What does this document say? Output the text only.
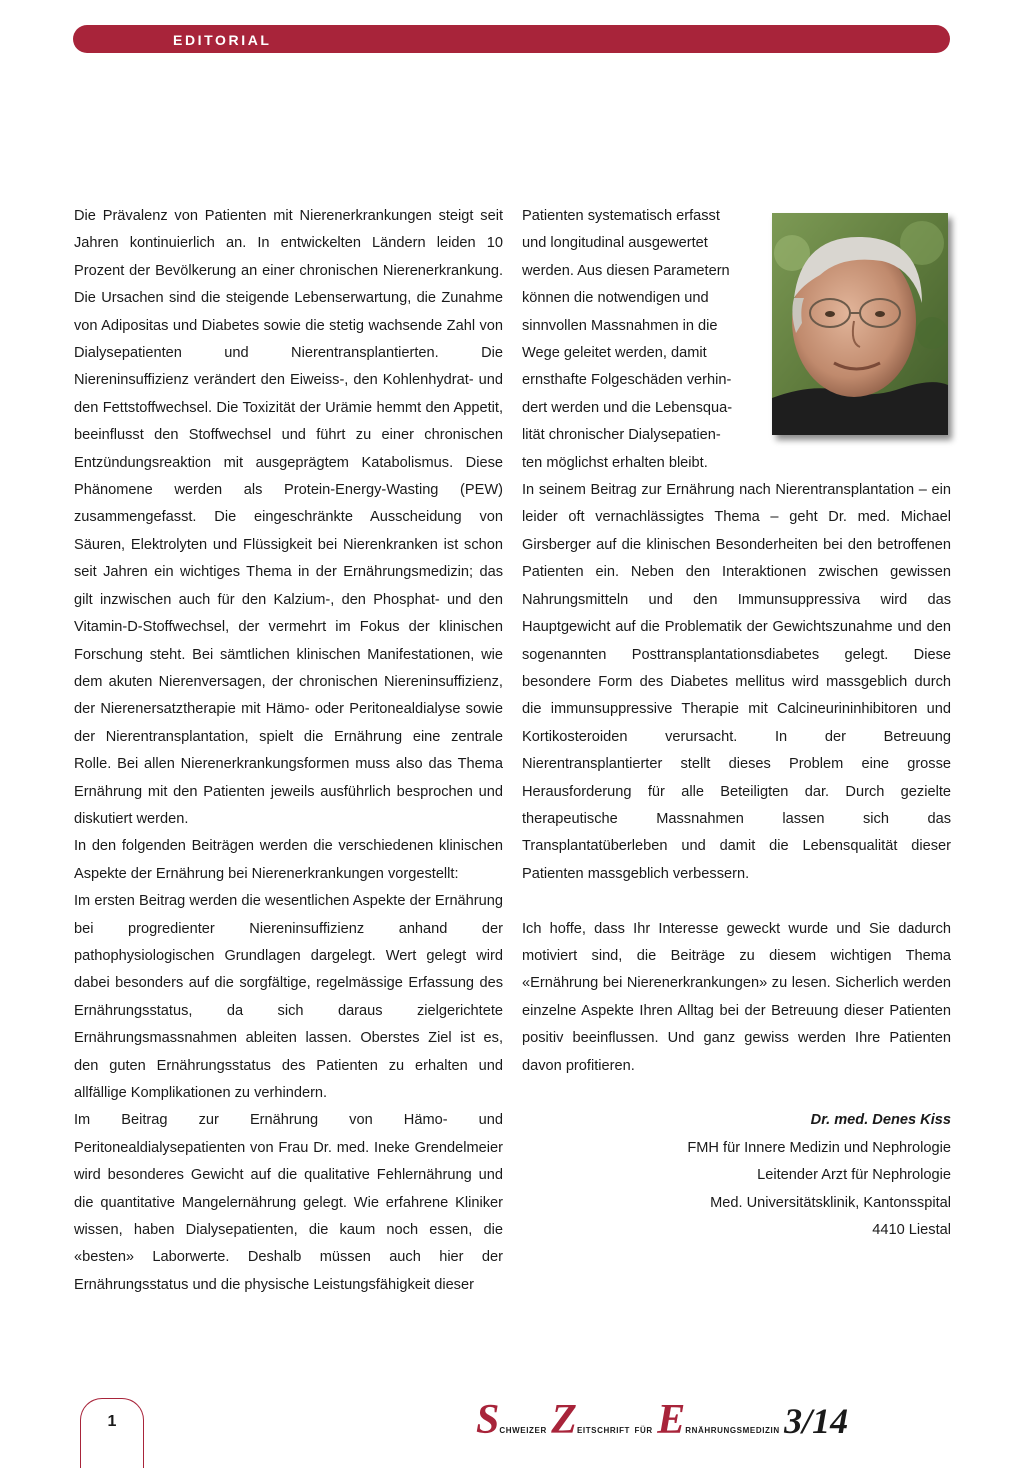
EDITORIAL

Die Prävalenz von Patienten mit Nierenerkrankungen steigt seit Jahren kontinuierlich an. In entwickelten Ländern leiden 10 Prozent der Bevölkerung an einer chronischen Nierenerkrankung. Die Ursachen sind die steigende Lebenserwartung, die Zunahme von Adipositas und Diabetes sowie die stetig wachsende Zahl von Dialysepatienten und Nierentransplantierten. Die Niereninsuffizienz verändert den Eiweiss-, den Kohlenhydrat- und den Fettstoffwechsel. Die Toxizität der Urämie hemmt den Appetit, beeinflusst den Stoffwechsel und führt zu einer chronischen Entzündungsreaktion mit ausgeprägtem Katabolismus. Diese Phänomene werden als Protein-Energy-Wasting (PEW) zusammengefasst. Die eingeschränkte Ausscheidung von Säuren, Elektrolyten und Flüssigkeit bei Nierenkranken ist schon seit Jahren ein wichtiges Thema in der Ernährungsmedizin; das gilt inzwischen auch für den Kalzium-, den Phosphat- und den Vitamin-D-Stoffwechsel, der vermehrt im Fokus der klinischen Forschung steht. Bei sämtlichen klinischen Manifestationen, wie dem akuten Nierenversagen, der chronischen Niereninsuffizienz, der Nierenersatztherapie mit Hämo- oder Peritonealdialyse sowie der Nierentransplantation, spielt die Ernährung eine zentrale Rolle. Bei allen Nierenerkrankungsformen muss also das Thema Ernährung mit den Patienten jeweils ausführlich besprochen und diskutiert werden.

In den folgenden Beiträgen werden die verschiedenen klinischen Aspekte der Ernährung bei Nierenerkrankungen vorgestellt:

Im ersten Beitrag werden die wesentlichen Aspekte der Ernährung bei progredienter Niereninsuffizienz anhand der pathophysiologischen Grundlagen dargelegt. Wert gelegt wird dabei besonders auf die sorgfältige, regelmässige Erfassung des Ernährungsstatus, da sich daraus zielgerichtete Ernährungsmassnahmen ableiten lassen. Oberstes Ziel ist es, den guten Ernährungsstatus des Patienten zu erhalten und allfällige Komplikationen zu verhindern.

Im Beitrag zur Ernährung von Hämo- und Peritonealdialysepatienten von Frau Dr. med. Ineke Grendelmeier wird besonderes Gewicht auf die qualitative Fehlernährung und die quantitative Mangelernährung gelegt. Wie erfahrene Kliniker wissen, haben Dialysepatienten, die kaum noch essen, die «besten» Laborwerte. Deshalb müssen auch hier der Ernährungsstatus und die physische Leistungsfähigkeit dieser

Patienten systematisch erfasst
und longitudinal ausgewertet
werden. Aus diesen Parametern
können die notwendigen und
sinnvollen Massnahmen in die
Wege geleitet werden, damit
ernsthafte Folgeschäden verhin-
dert werden und die Lebensqua-
lität chronischer Dialysepatien-
ten möglichst erhalten bleibt.

In seinem Beitrag zur Ernährung nach Nierentransplantation – ein leider oft vernachlässigtes Thema – geht Dr. med. Michael Girsberger auf die klinischen Besonderheiten bei den betroffenen Patienten ein. Neben den Interaktionen zwischen gewissen Nahrungsmitteln und den Immunsuppressiva wird das Hauptgewicht auf die Problematik der Gewichtszunahme und den sogenannten Posttransplantationsdiabetes gelegt. Diese besondere Form des Diabetes mellitus wird massgeblich durch die immunsuppressive Therapie mit Calcineurininhibitoren und Kortikosteroiden verursacht. In der Betreuung Nierentransplantierter stellt dieses Problem eine grosse Herausforderung für alle Beteiligten dar. Durch gezielte therapeutische Massnahmen lassen sich das Transplantatüberleben und damit die Lebensqualität dieser Patienten massgeblich verbessern.

Ich hoffe, dass Ihr Interesse geweckt wurde und Sie dadurch motiviert sind, die Beiträge zu diesem wichtigen Thema «Ernährung bei Nierenerkrankungen» zu lesen. Sicherlich werden einzelne Aspekte Ihren Alltag bei der Betreuung dieser Patienten positiv beeinflussen. Und ganz gewiss werden Ihre Patienten davon profitieren.

Dr. med. Denes Kiss
FMH für Innere Medizin und Nephrologie
Leitender Arzt für Nephrologie
Med. Universitätsklinik, Kantonsspital
4410 Liestal
1	SCHWEIZER ZEITSCHRIFT FÜR ERNÄHRUNGSMEDIZIN 3/14
